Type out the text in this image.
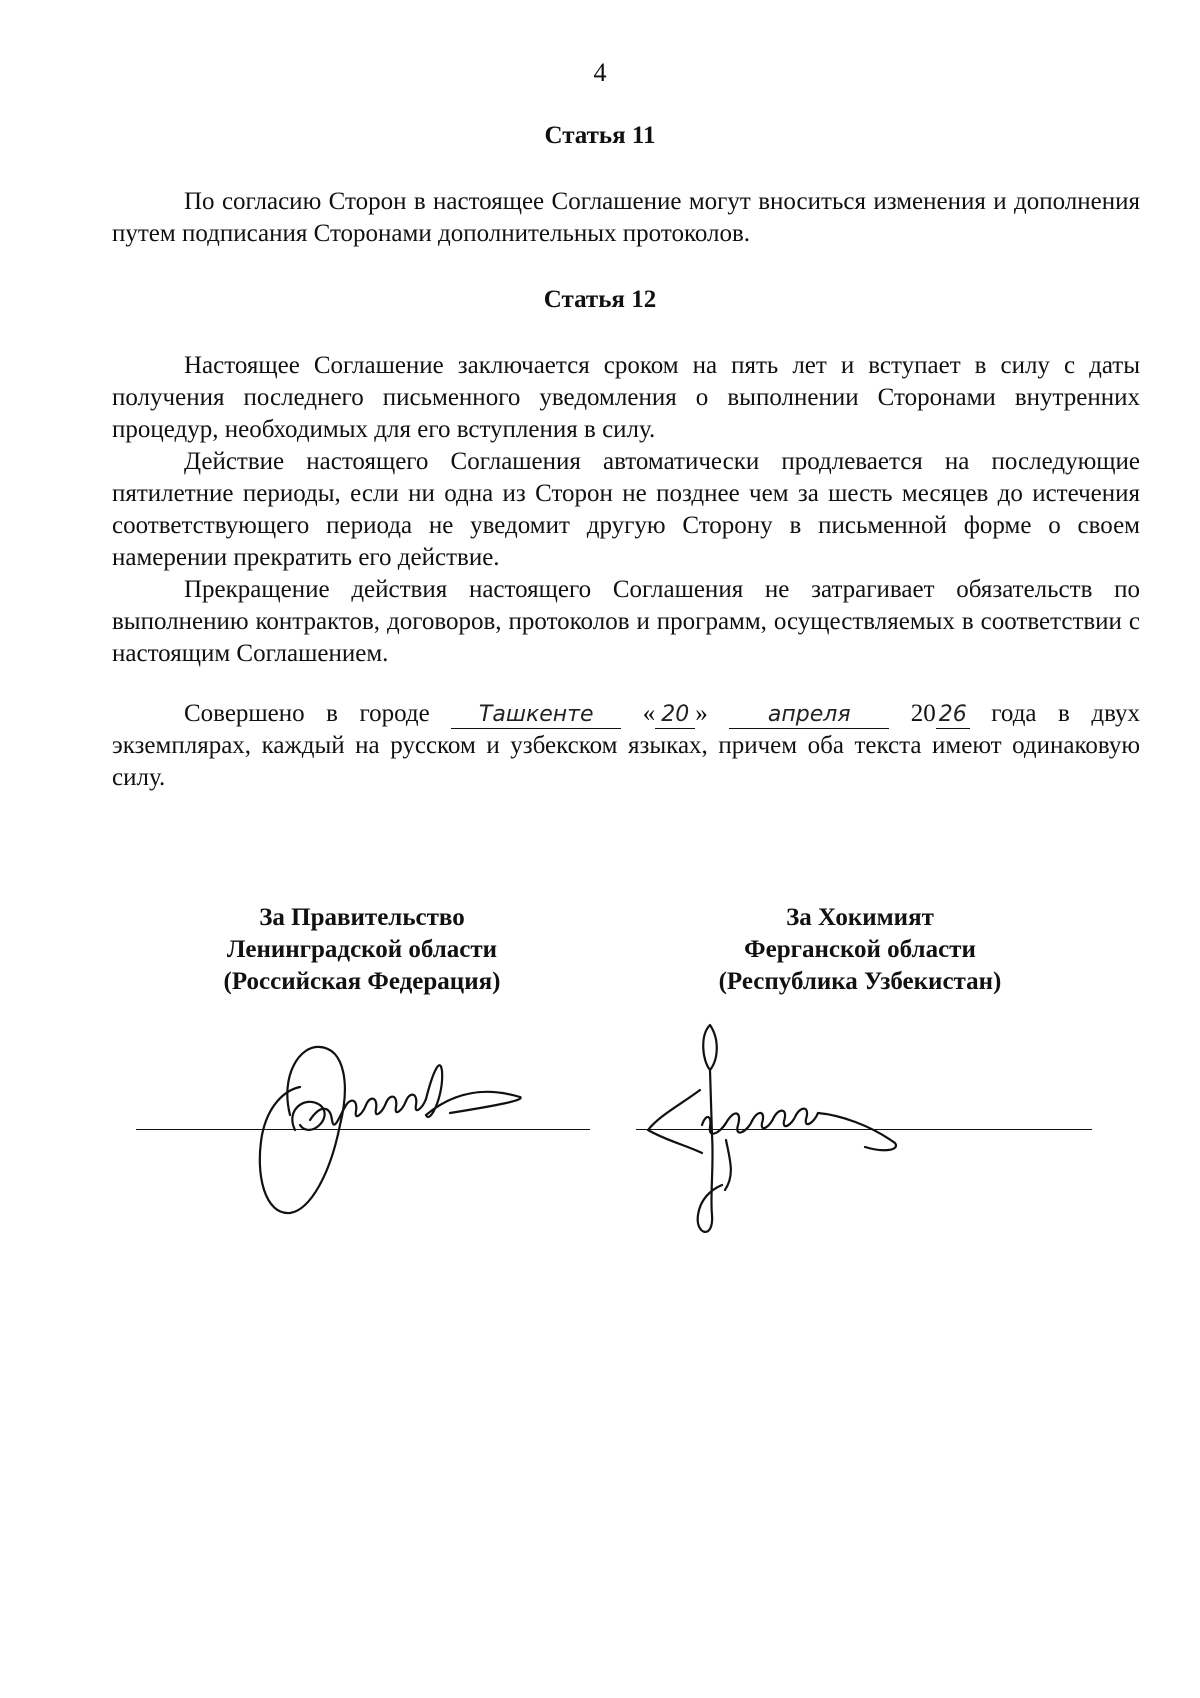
4
Статья 11

По согласию Сторон в настоящее Соглашение могут вноситься изменения и дополнения путем подписания Сторонами дополнительных протоколов.

Статья 12

Настоящее Соглашение заключается сроком на пять лет и вступает в силу с даты получения последнего письменного уведомления о выполнении Сторонами внутренних процедур, необходимых для его вступления в силу.

Действие настоящего Соглашения автоматически продлевается на последующие пятилетние периоды, если ни одна из Сторон не позднее чем за шесть месяцев до истечения соответствующего периода не уведомит другую Сторону в письменной форме о своем намерении прекратить его действие.

Прекращение действия настоящего Соглашения не затрагивает обязательств по выполнению контрактов, договоров, протоколов и программ, осуществляемых в соответствии с настоящим Соглашением.

Совершено в городе Ташкенте « 20 »	апреля 20 26 года в двух экземплярах, каждый на русском и узбекском языках, причем оба текста имеют одинаковую силу.

За Правительство
Ленинградской области
(Российская Федерация)
За Хокимият
Ферганской области
(Республика Узбекистан)
